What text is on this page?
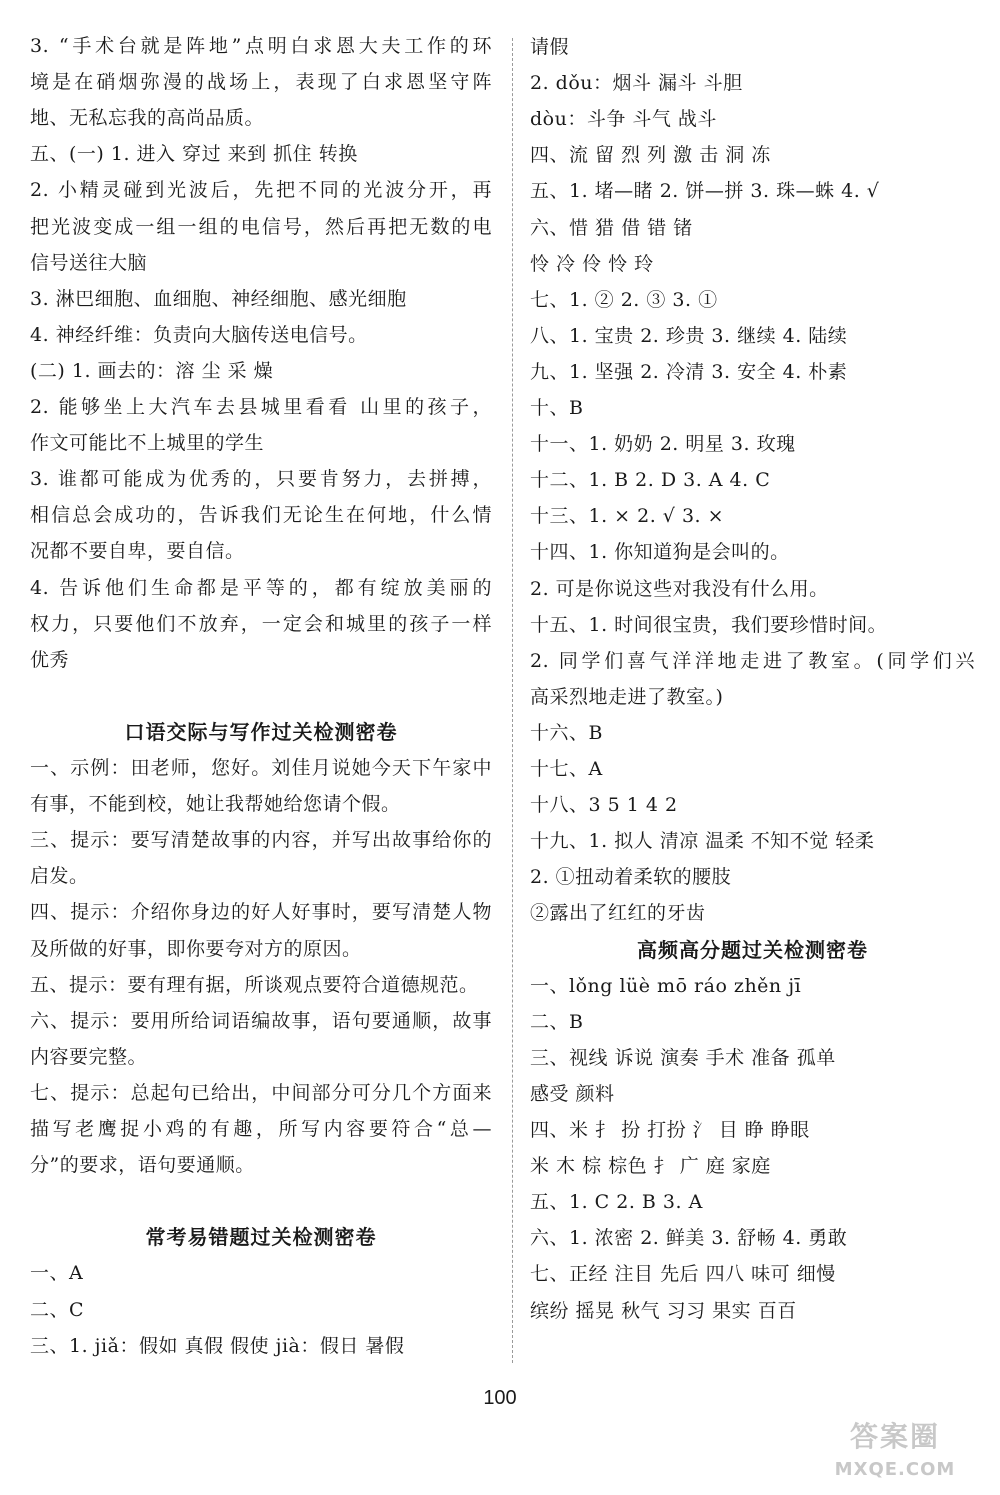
3. “手术台就是阵地”点明白求恩大夫工作的环
境是在硝烟弥漫的战场上，表现了白求恩坚守阵
地、无私忘我的高尚品质。
五、(一) 1. 进入 穿过 来到 抓住 转换
2. 小精灵碰到光波后，先把不同的光波分开，再
把光波变成一组一组的电信号，然后再把无数的电
信号送往大脑
3. 淋巴细胞、血细胞、神经细胞、感光细胞
4. 神经纤维：负责向大脑传送电信号。
(二) 1. 画去的：溶 尘 采 燥
2. 能够坐上大汽车去县城里看看 山里的孩子，
作文可能比不上城里的学生
3. 谁都可能成为优秀的，只要肯努力，去拼搏，
相信总会成功的，告诉我们无论生在何地，什么情
况都不要自卑，要自信。
4. 告诉他们生命都是平等的，都有绽放美丽的
权力，只要他们不放弃，一定会和城里的孩子一样
优秀
口语交际与写作过关检测密卷
一、示例：田老师，您好。刘佳月说她今天下午家中
有事，不能到校，她让我帮她给您请个假。
三、提示：要写清楚故事的内容，并写出故事给你的
启发。
四、提示：介绍你身边的好人好事时，要写清楚人物
及所做的好事，即你要夸对方的原因。
五、提示：要有理有据，所谈观点要符合道德规范。
六、提示：要用所给词语编故事，语句要通顺，故事
内容要完整。
七、提示：总起句已给出，中间部分可分几个方面来
描写老鹰捉小鸡的有趣，所写内容要符合“总—
分”的要求，语句要通顺。
常考易错题过关检测密卷
一、A
二、C
三、1. jiǎ：假如 真假 假使 jià：假日 暑假
请假
2. dǒu：烟斗 漏斗 斗胆
dòu：斗争 斗气 战斗
四、流 留 烈 列 激 击 洞 冻
五、1. 堵—睹 2. 饼—拼 3. 珠—蛛 4. √
六、惜 猎 借 错 锗
怜 冷 伶 怜 玲
七、1. ② 2. ③ 3. ①
八、1. 宝贵 2. 珍贵 3. 继续 4. 陆续
九、1. 坚强 2. 冷清 3. 安全 4. 朴素
十、B
十一、1. 奶奶 2. 明星 3. 玫瑰
十二、1. B 2. D 3. A 4. C
十三、1. × 2. √ 3. ×
十四、1. 你知道狗是会叫的。
2. 可是你说这些对我没有什么用。
十五、1. 时间很宝贵，我们要珍惜时间。
2. 同学们喜气洋洋地走进了教室。(同学们兴
高采烈地走进了教室。)
十六、B
十七、A
十八、3 5 1 4 2
十九、1. 拟人 清凉 温柔 不知不觉 轻柔
2. ①扭动着柔软的腰肢
②露出了红红的牙齿
高频高分题过关检测密卷
一、lǒng lüè mō ráo zhěn jī
二、B
三、视线 诉说 演奏 手术 准备 孤单
感受 颜料
四、米 扌 扮 打扮 氵 目 睁 睁眼
米 木 棕 棕色 扌 广 庭 家庭
五、1. C 2. B 3. A
六、1. 浓密 2. 鲜美 3. 舒畅 4. 勇敢
七、正经 注目 先后 四八 味可 细慢
缤纷 摇晃 秋气 习习 果实 百百
100
答案圈
MXQE.COM
